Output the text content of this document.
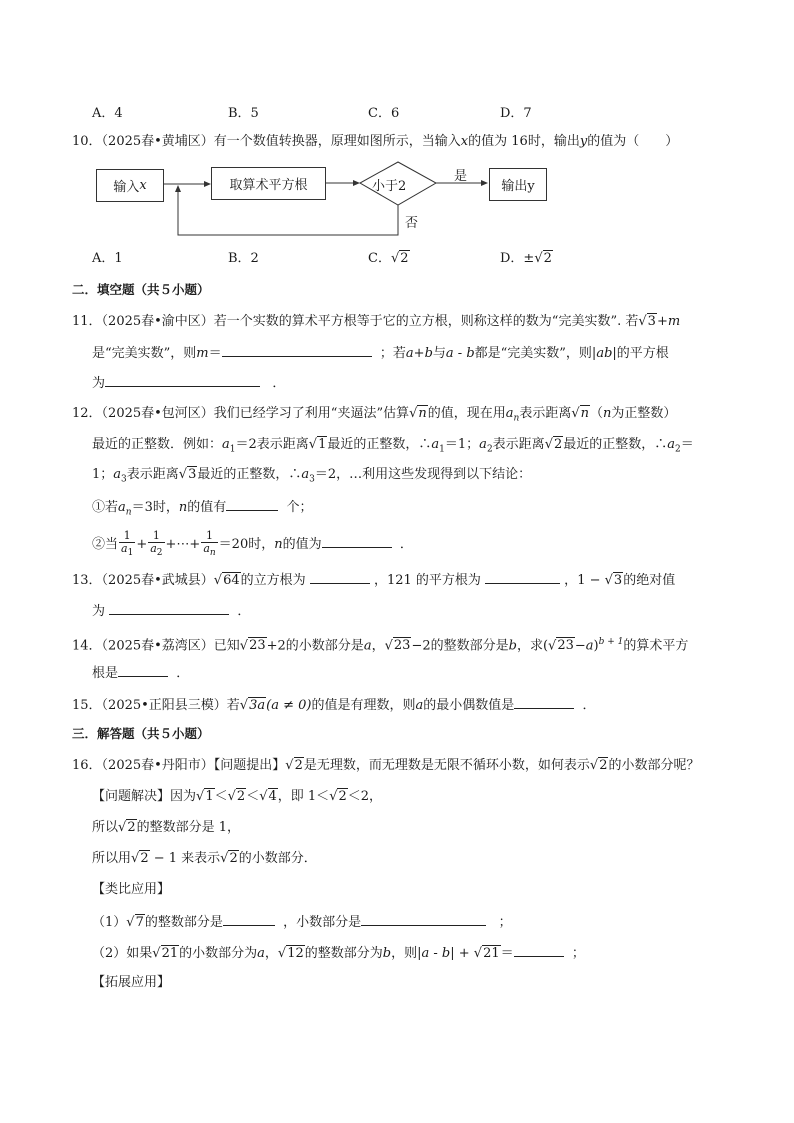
A．4	B．5	C．6	D．7
10．（2025春•黄埔区）有一个数值转换器，原理如图所示，当输入x的值为 16时，输出y的值为（　　）
输入 x	取算术平方根	小于2
是
否
输出y
A．1	B．2	C．√2	D．±√2
二．填空题（共５小题）
11．（2025春•渝中区）若一个实数的算术平方根等于它的立方根，则称这样的数为“完美实数”. 若√3+m
是“完美实数”，则m＝	；若a+b与a - b都是“完美实数”，则|ab|的平方根
为	．
12．（2025春•包河区）我们已经学习了利用“夹逼法”估算√n的值，现在用$a_n$表示距离√n（n为正整数）
最近的正整数．例如：$a_1=2$表示距离√1最近的正整数，$\therefore a_1=1$；$a_2$表示距离√2最近的正整数，$\therefore a_2=$
1；$a_3$表示距离√3最近的正整数，$\therefore a_3=2$，…利用这些发现得到以下结论：
①若$a_n=3$时，n的值有	个；
②当 $\frac{1}{a_1} + \frac{1}{a_2}$ +⋯+ $\frac{1}{a_n} =20$时，n的值为	．
13．（2025春•武城县）√64的立方根为	，121 的平方根为	，1 − √3的绝对值
为	．
14．（2025春•荔湾区）已知√23+2的小数部分是a，√23−2的整数部分是b，求$(√23-a)^{b + 1}$的算术平方
根是	．
15．（2025•正阳县三模）若√3a(a ≠ 0)的值是有理数，则a的最小偶数值是	．
三．解答题（共５小题）
16．（2025春•丹阳市）【问题提出】√2是无理数，而无理数是无限不循环小数，如何表示√2的小数部分呢？
【问题解决】因为√1＜√2＜√4，即 1＜√2＜2，
所以√2的整数部分是 1，
所以用√2 − 1 来表示√2的小数部分．
【类比应用】
（1）√7的整数部分是	，小数部分是	；
（2）如果√21的小数部分为a，√12的整数部分为b，则|a - b| + √21＝	；
【拓展应用】
